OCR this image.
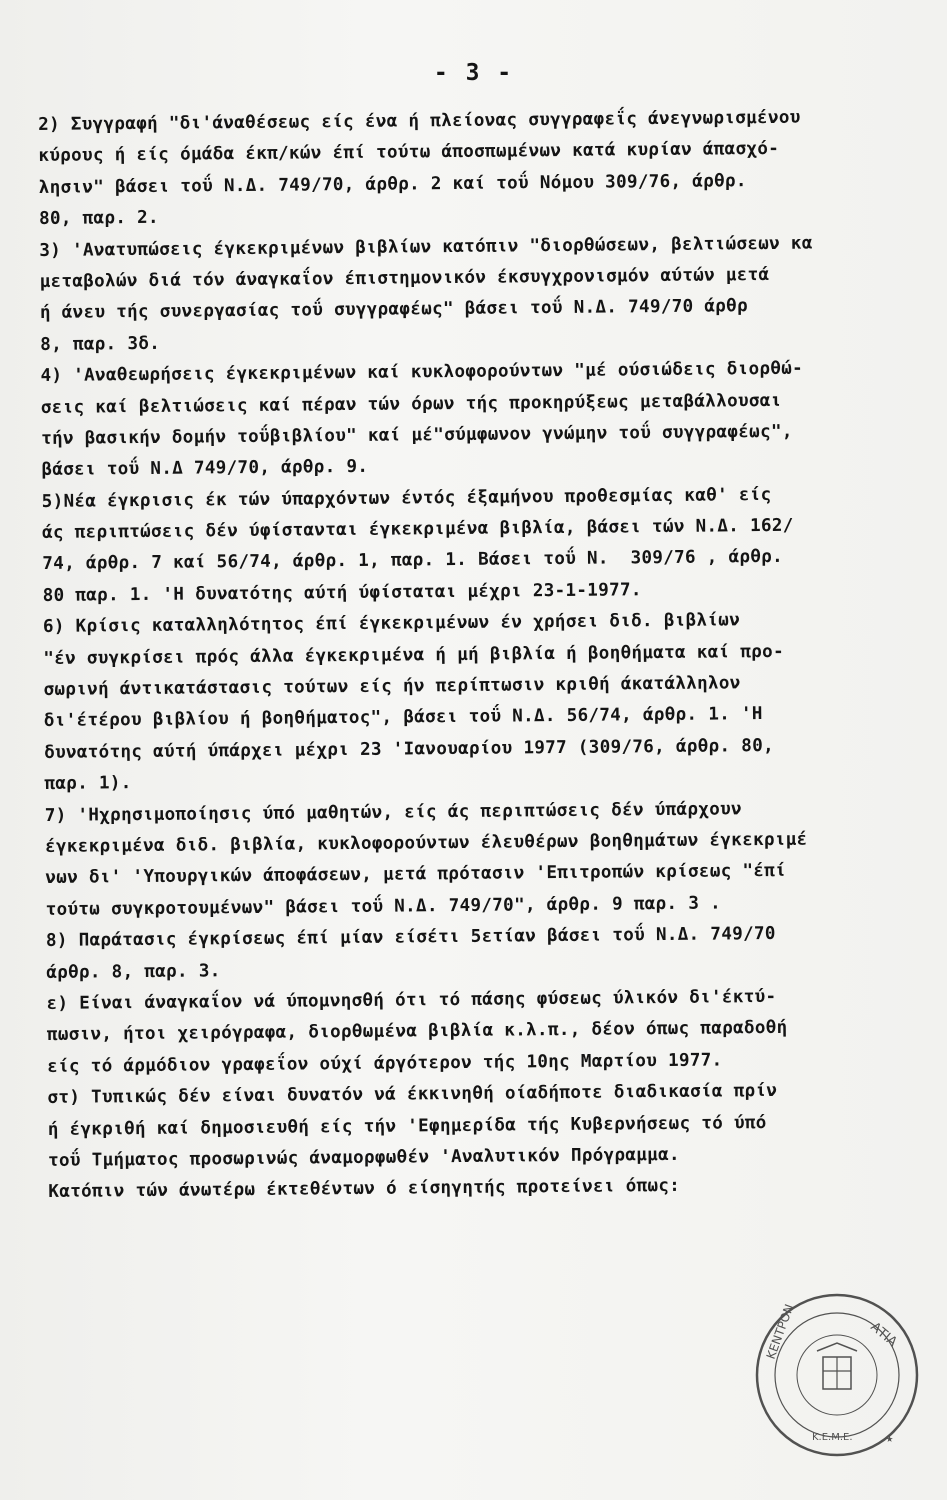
- 3 -
2) Συγγραφή "δι'άναθέσεως είς ένα ή πλείονας συγγραφεΐς άνεγνωρισμένου
κύρους ή είς όμάδα έκπ/κών έπί τούτω άποσπωμένων κατά κυρίαν άπασχό-
λησιν" βάσει τοΰ Ν.Δ. 749/70, άρθρ. 2 καί τοΰ Νόμου 309/76, άρθρ.
80, παρ. 2.
3) 'Ανατυπώσεις έγκεκριμένων βιβλίων κατόπιν "διορθώσεων, βελτιώσεων κα
μεταβολών διά τόν άναγκαΐον έπιστημονικόν έκσυγχρονισμόν αύτών μετά
ή άνευ τής συνεργασίας τοΰ συγγραφέως" βάσει τοΰ Ν.Δ. 749/70 άρθρ
8, παρ. 3δ.
4) 'Αναθεωρήσεις έγκεκριμένων καί κυκλοφορούντων "μέ ούσιώδεις διορθώ-
σεις καί βελτιώσεις καί πέραν τών όρων τής προκηρύξεως μεταβάλλουσαι
τήν βασικήν δομήν τοΰβιβλίου" καί μέ"σύμφωνον γνώμην τοΰ συγγραφέως",
βάσει τοΰ Ν.Δ 749/70, άρθρ. 9.
5)Νέα έγκρισις έκ τών ύπαρχόντων έντός έξαμήνου προθεσμίας καθ' είς
άς περιπτώσεις δέν ύφίστανται έγκεκριμένα βιβλία, βάσει τών Ν.Δ. 162/
74, άρθρ. 7 καί 56/74, άρθρ. 1, παρ. 1. Βάσει τοΰ Ν.  309/76 , άρθρ.
80 παρ. 1. 'Η δυνατότης αύτή ύφίσταται μέχρι 23-1-1977.
6) Κρίσις καταλληλότητος έπί έγκεκριμένων έν χρήσει διδ. βιβλίων
"έν συγκρίσει πρός άλλα έγκεκριμένα ή μή βιβλία ή βοηθήματα καί προ-
σωρινή άντικατάστασις τούτων είς ήν περίπτωσιν κριθή άκατάλληλον
δι'έτέρου βιβλίου ή βοηθήματος", βάσει τοΰ Ν.Δ. 56/74, άρθρ. 1. 'Η
δυνατότης αύτή ύπάρχει μέχρι 23 'Ιανουαρίου 1977 (309/76, άρθρ. 80,
παρ. 1).
7) 'Ηχρησιμοποίησις ύπό μαθητών, είς άς περιπτώσεις δέν ύπάρχουν
έγκεκριμένα διδ. βιβλία, κυκλοφορούντων έλευθέρων βοηθημάτων έγκεκριμέ
νων δι' 'Υπουργικών άποφάσεων, μετά πρότασιν 'Επιτροπών κρίσεως "έπί
τούτω συγκροτουμένων" βάσει τοΰ Ν.Δ. 749/70", άρθρ. 9 παρ. 3 .
8) Παράτασις έγκρίσεως έπί μίαν είσέτι 5ετίαν βάσει τοΰ Ν.Δ. 749/70
άρθρ. 8, παρ. 3.
ε) Είναι άναγκαΐον νά ύπομνησθή ότι τό πάσης φύσεως ύλικόν δι'έκτύ-
πωσιν, ήτοι χειρόγραφα, διορθωμένα βιβλία κ.λ.π., δέον όπως παραδοθή
είς τό άρμόδιον γραφεΐον ούχί άργότερον τής 10ης Μαρτίου 1977.
στ) Τυπικώς δέν είναι δυνατόν νά έκκινηθή οίαδήποτε διαδικασία πρίν
ή έγκριθή καί δημοσιευθή είς τήν 'Εφημερίδα τής Κυβερνήσεως τό ύπό
τοΰ Τμήματος προσωρινώς άναμορφωθέν 'Αναλυτικόν Πρόγραμμα.
Κατόπιν τών άνωτέρω έκτεθέντων ό είσηγητής προτείνει όπως:
ΑΤΙΑ
ΚΕΝΤΡΟΝ
Κ.Ε.Μ.Ε.	★
